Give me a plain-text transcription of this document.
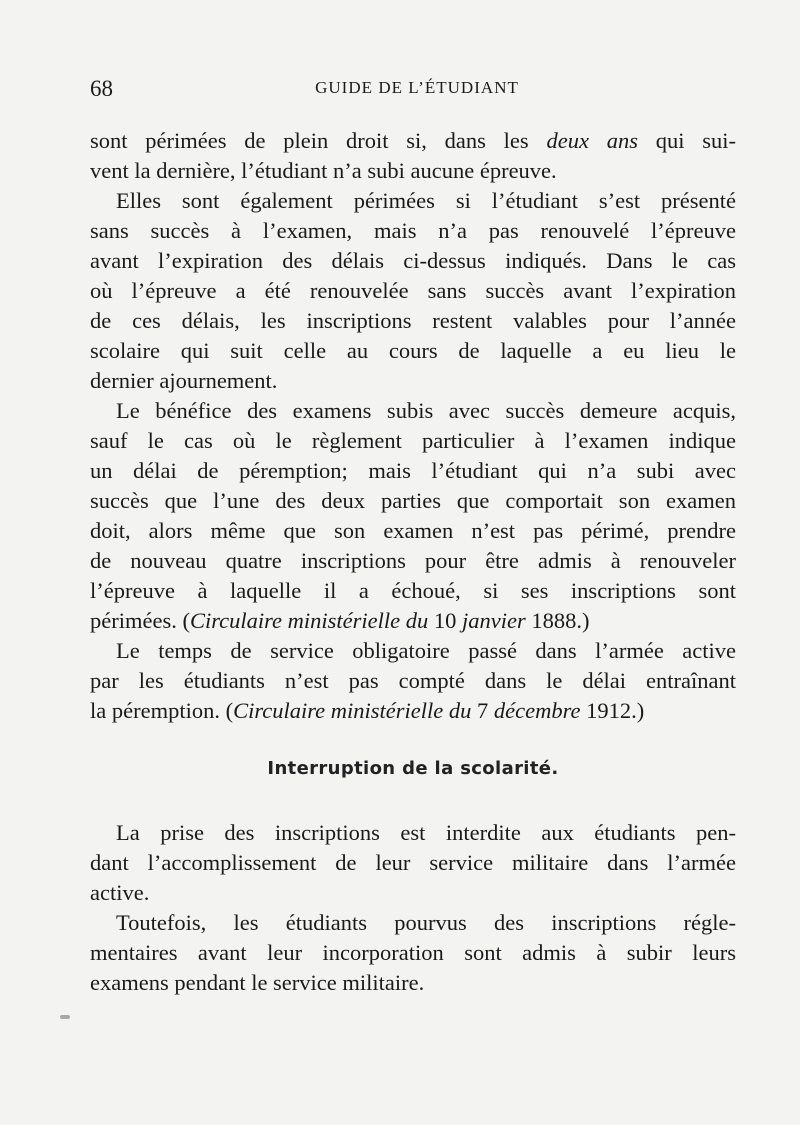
68	GUIDE DE L’ÉTUDIANT
sont périmées de plein droit si, dans les deux ans qui sui-
vent la dernière, l’étudiant n’a subi aucune épreuve.
Elles sont également périmées si l’étudiant s’est présenté
sans succès à l’examen, mais n’a pas renouvelé l’épreuve
avant l’expiration des délais ci-dessus indiqués. Dans le cas
où l’épreuve a été renouvelée sans succès avant l’expiration
de ces délais, les inscriptions restent valables pour l’année
scolaire qui suit celle au cours de laquelle a eu lieu le
dernier ajournement.
Le bénéfice des examens subis avec succès demeure acquis,
sauf le cas où le règlement particulier à l’examen indique
un délai de péremption; mais l’étudiant qui n’a subi avec
succès que l’une des deux parties que comportait son examen
doit, alors même que son examen n’est pas périmé, prendre
de nouveau quatre inscriptions pour être admis à renouveler
l’épreuve à laquelle il a échoué, si ses inscriptions sont
périmées. (Circulaire ministérielle du 10 janvier 1888.)
Le temps de service obligatoire passé dans l’armée active
par les étudiants n’est pas compté dans le délai entraînant
la péremption. (Circulaire ministérielle du 7 décembre 1912.)
Interruption de la scolarité.
La prise des inscriptions est interdite aux étudiants pen-
dant l’accomplissement de leur service militaire dans l’armée
active.
Toutefois, les étudiants pourvus des inscriptions régle-
mentaires avant leur incorporation sont admis à subir leurs
examens pendant le service militaire.
